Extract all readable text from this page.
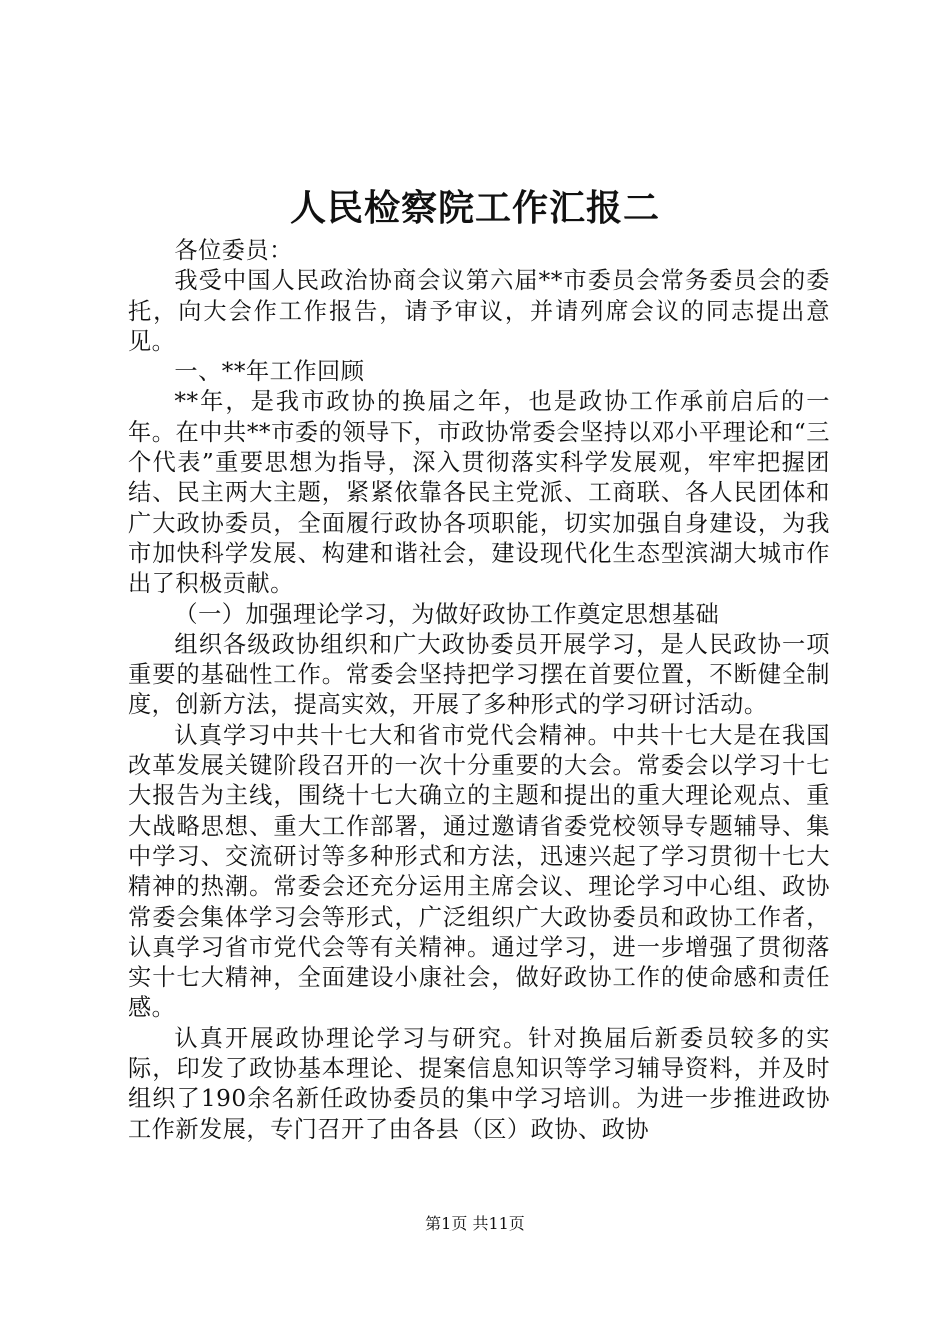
人民检察院工作汇报二

各位委员：

我受中国人民政治协商会议第六届**市委员会常务委员会的委托，向大会作工作报告，请予审议，并请列席会议的同志提出意见。

一、**年工作回顾

**年，是我市政协的换届之年，也是政协工作承前启后的一年。在中共**市委的领导下，市政协常委会坚持以邓小平理论和“三个代表”重要思想为指导，深入贯彻落实科学发展观，牢牢把握团结、民主两大主题，紧紧依靠各民主党派、工商联、各人民团体和广大政协委员，全面履行政协各项职能，切实加强自身建设，为我市加快科学发展、构建和谐社会，建设现代化生态型滨湖大城市作出了积极贡献。

（一）加强理论学习，为做好政协工作奠定思想基础

组织各级政协组织和广大政协委员开展学习，是人民政协一项重要的基础性工作。常委会坚持把学习摆在首要位置，不断健全制度，创新方法，提高实效，开展了多种形式的学习研讨活动。

认真学习中共十七大和省市党代会精神。中共十七大是在我国改革发展关键阶段召开的一次十分重要的大会。常委会以学习十七大报告为主线，围绕十七大确立的主题和提出的重大理论观点、重大战略思想、重大工作部署，通过邀请省委党校领导专题辅导、集中学习、交流研讨等多种形式和方法，迅速兴起了学习贯彻十七大精神的热潮。常委会还充分运用主席会议、理论学习中心组、政协常委会集体学习会等形式，广泛组织广大政协委员和政协工作者，认真学习省市党代会等有关精神。通过学习，进一步增强了贯彻落实十七大精神，全面建设小康社会，做好政协工作的使命感和责任感。

认真开展政协理论学习与研究。针对换届后新委员较多的实际，印发了政协基本理论、提案信息知识等学习辅导资料，并及时组织了190余名新任政协委员的集中学习培训。为进一步推进政协工作新发展，专门召开了由各县（区）政协、政协

第1页 共11页
